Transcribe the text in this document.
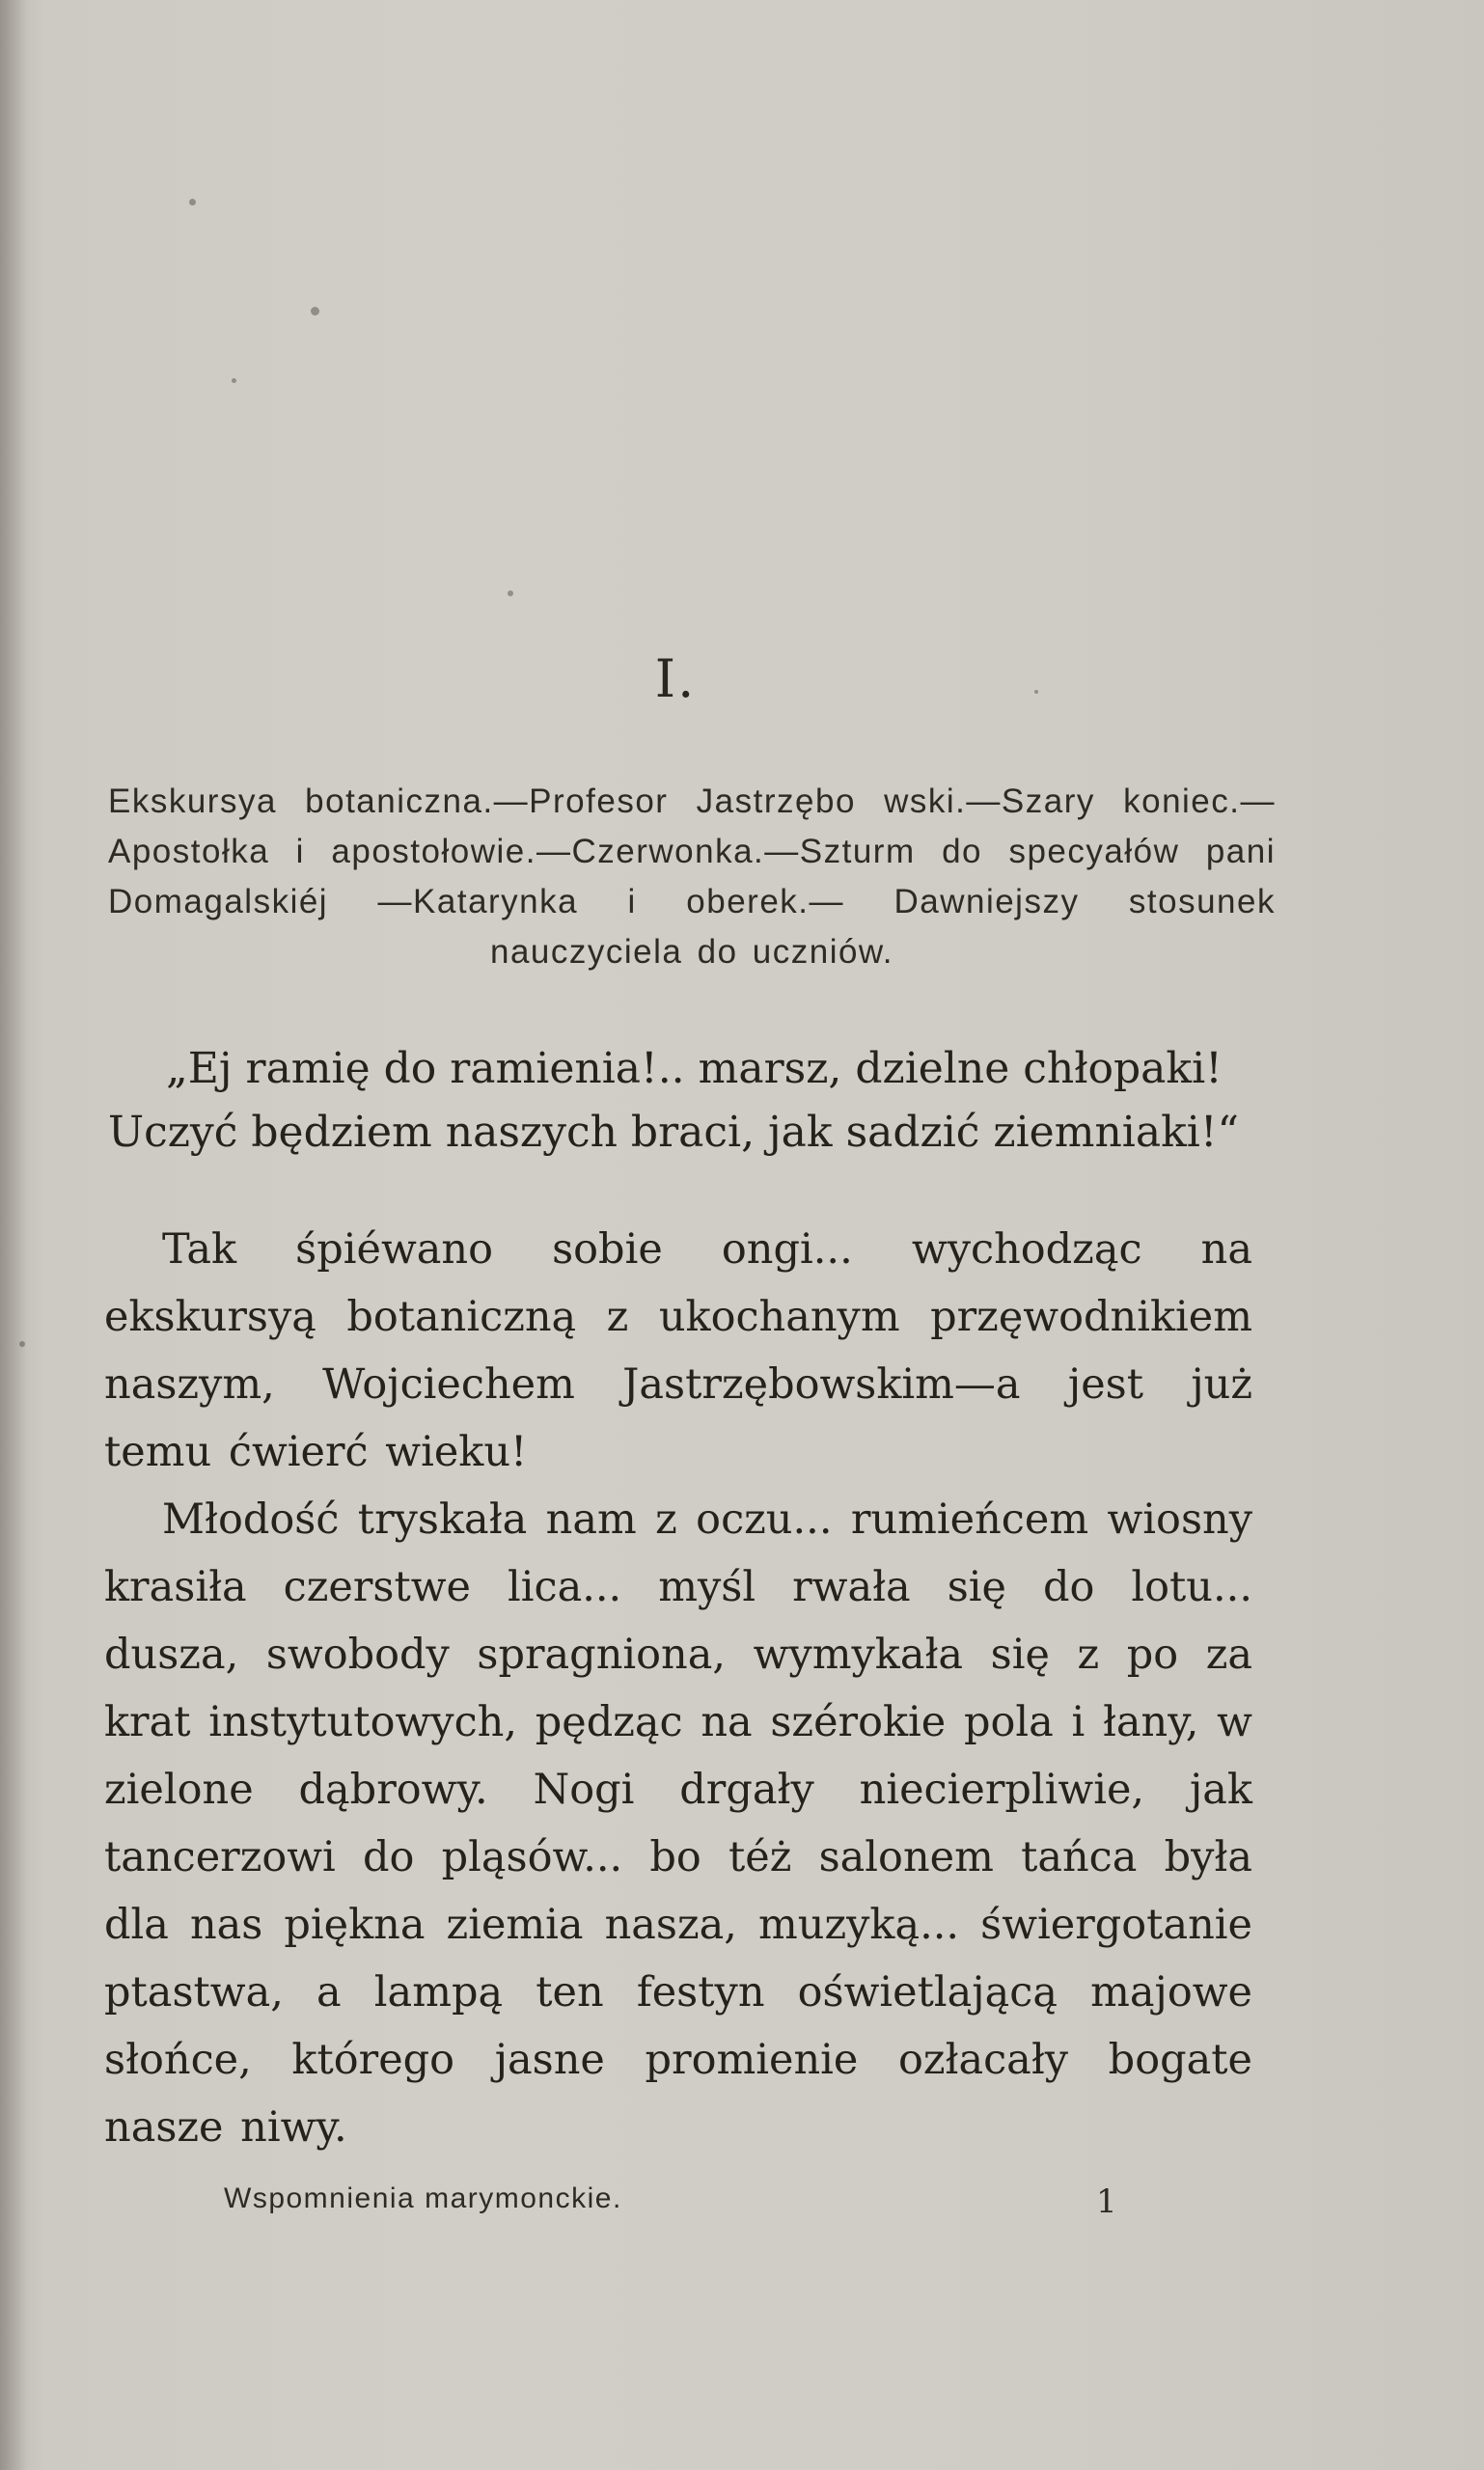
I.
Ekskursya botaniczna.—Profesor Jastrzębo wski.—Szary koniec.—Apostołka i apostołowie.—Czerwonka.—Szturm do specyałów pani Domagalskiéj —Katarynka i oberek.— Dawniejszy stosunek nauczyciela do uczniów.
„Ej ramię do ramienia!.. marsz, dzielne chłopaki!
Uczyć będziem naszych braci, jak sadzić ziemniaki!“

Tak śpiéwano sobie ongi... wychodząc na ekskursyą botaniczną z ukochanym przęwodnikiem naszym, Wojciechem Jastrzębowskim—a jest już temu ćwierć wieku!

Młodość tryskała nam z oczu... rumieńcem wiosny krasiła czerstwe lica... myśl rwała się do lotu... dusza, swobody spragniona, wymykała się z po za krat instytutowych, pędząc na szérokie pola i łany, w zielone dąbrowy. Nogi drgały niecierpliwie, jak tancerzowi do pląsów... bo téż salonem tańca była dla nas piękna ziemia nasza, muzyką... świergotanie ptastwa, a lampą ten festyn oświetlającą majowe słońce, którego jasne promienie ozłacały bogate nasze niwy.

Wspomnienia marymonckie.	1
